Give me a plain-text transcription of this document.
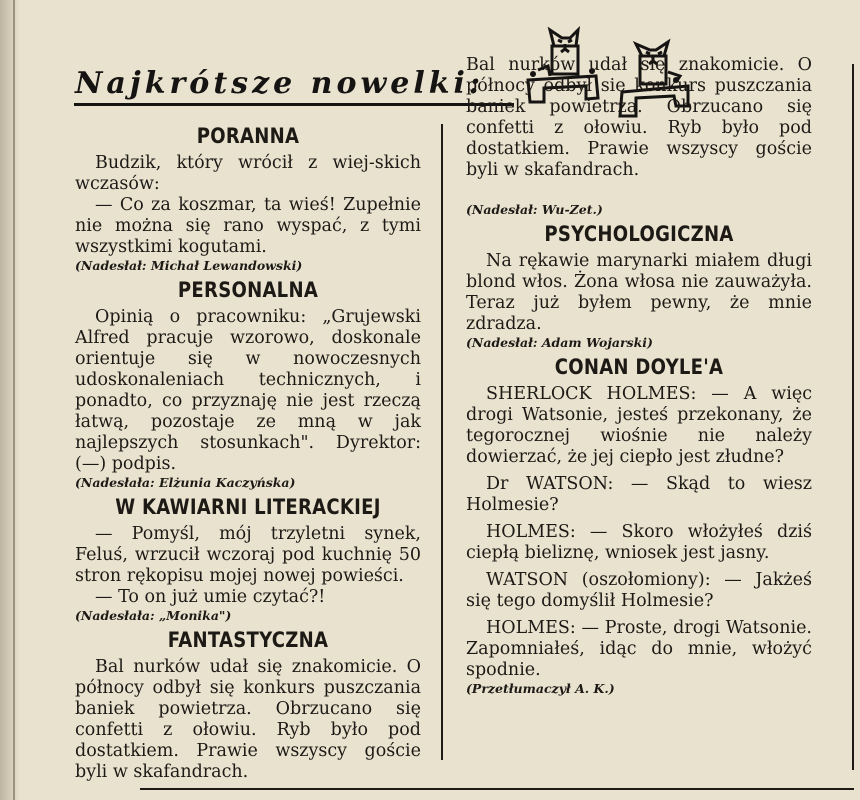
Najkrótsze nowelki:
PORANNA

Budzik, który wrócił z wiej-skich wczasów:

— Co za koszmar, ta wieś! Zupełnie nie można się rano wyspać, z tymi wszystkimi kogutami.

(Nadesłał: Michał Lewandowski)

PERSONALNA

Opinią o pracowniku: „Grujewski Alfred pracuje wzorowo, doskonale orientuje się w nowoczesnych udoskonaleniach technicznych, i ponadto, co przyznaję nie jest rzeczą łatwą, pozostaje ze mną w jak najlepszych stosunkach". Dyrektor: (—) podpis.

(Nadesłała: Elżunia Kaczyńska)

W KAWIARNI LITERACKIEJ

— Pomyśl, mój trzyletni synek, Feluś, wrzucił wczoraj pod kuchnię 50 stron rękopisu mojej nowej powieści.

— To on już umie czytać?!

(Nadesłała: „Monika")

FANTASTYCZNA

Bal nurków udał się znakomicie. O północy odbył się konkurs puszczania baniek powietrza. Obrzucano się confetti z ołowiu. Ryb było pod dostatkiem. Prawie wszyscy goście byli w skafandrach.

Bal nurków udał się znakomicie. O północy odbył się konkurs puszczania baniek powietrza. Obrzucano się confetti z ołowiu. Ryb było pod dostatkiem. Prawie wszyscy goście byli w skafandrach.

(Nadesłał: Wu-Zet.)

PSYCHOLOGICZNA

Na rękawie marynarki miałem długi blond włos. Żona włosa nie zauważyła. Teraz już byłem pewny, że mnie zdradza.

(Nadesłał: Adam Wojarski)

CONAN DOYLE'A

SHERLOCK HOLMES: — A więc drogi Watsonie, jesteś przekonany, że tegorocznej wiośnie nie należy dowierzać, że jej ciepło jest złudne?

Dr WATSON: — Skąd to wiesz Holmesie?

HOLMES: — Skoro włożyłeś dziś ciepłą bieliznę, wniosek jest jasny.

WATSON (oszołomiony): — Jakżeś się tego domyślił Holmesie?

HOLMES: — Proste, drogi Watsonie. Zapomniałeś, idąc do mnie, włożyć spodnie.

(Przetłumaczył A. K.)
